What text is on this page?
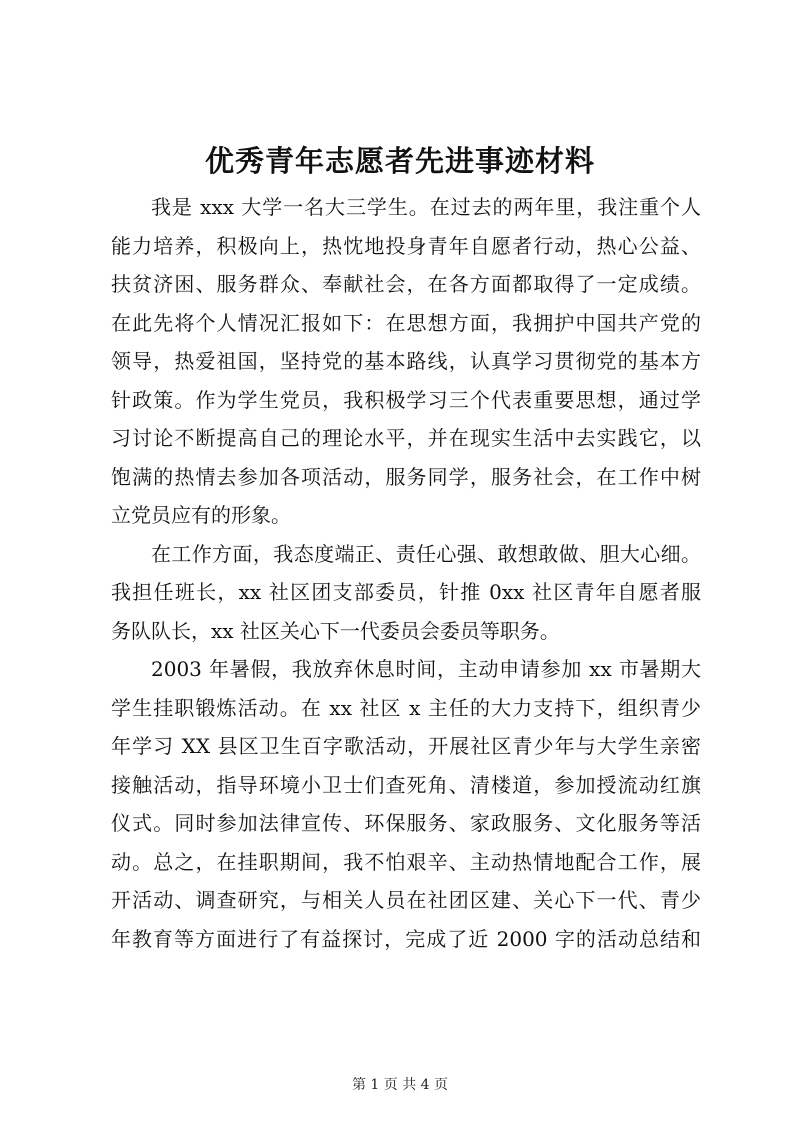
优秀青年志愿者先进事迹材料
我是 xxx 大学一名大三学生。在过去的两年里，我注重个人
能力培养，积极向上，热忱地投身青年自愿者行动，热心公益、
扶贫济困、服务群众、奉献社会，在各方面都取得了一定成绩。
在此先将个人情况汇报如下：在思想方面，我拥护中国共产党的
领导，热爱祖国，坚持党的基本路线，认真学习贯彻党的基本方
针政策。作为学生党员，我积极学习三个代表重要思想，通过学
习讨论不断提高自己的理论水平，并在现实生活中去实践它，以
饱满的热情去参加各项活动，服务同学，服务社会，在工作中树
立党员应有的形象。
在工作方面，我态度端正、责任心强、敢想敢做、胆大心细。
我担任班长，xx 社区团支部委员，针推 0xx 社区青年自愿者服
务队队长，xx 社区关心下一代委员会委员等职务。
2003 年暑假，我放弃休息时间，主动申请参加 xx 市暑期大
学生挂职锻炼活动。在 xx 社区 x 主任的大力支持下，组织青少
年学习 XX 县区卫生百字歌活动，开展社区青少年与大学生亲密
接触活动，指导环境小卫士们查死角、清楼道，参加授流动红旗
仪式。同时参加法律宣传、环保服务、家政服务、文化服务等活
动。总之，在挂职期间，我不怕艰辛、主动热情地配合工作，展
开活动、调查研究，与相关人员在社团区建、关心下一代、青少
年教育等方面进行了有益探讨，完成了近 2000 字的活动总结和
第 1 页 共 4 页
